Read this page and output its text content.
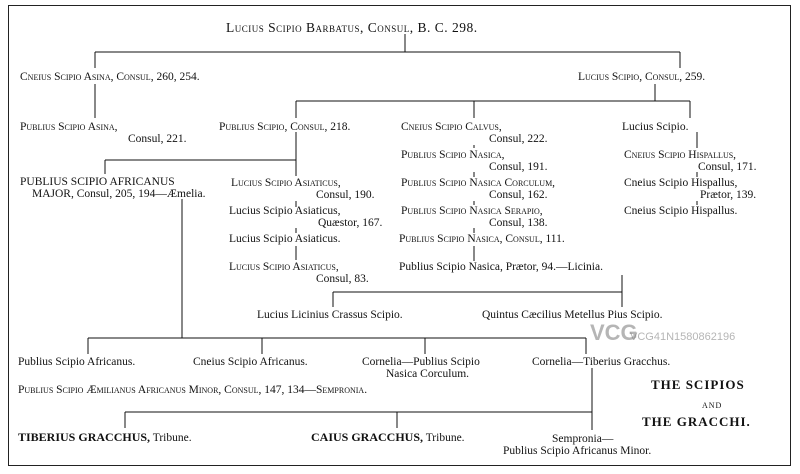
Lucius Scipio Barbatus, Consul, B. C. 298.
Cneius Scipio Asina, Consul, 260, 254.	Lucius Scipio, Consul, 259.
Publius Scipio Asina,
Consul, 221.
Publius Scipio, Consul, 218.	Cneius Scipio Calvus,
Consul, 222.
Lucius Scipio.
Publius Scipio Nasica,
Consul, 191.
Publius Scipio Nasica Corculum,
Consul, 162.
Publius Scipio Nasica Serapio,
Consul, 138.
Publius Scipio Nasica, Consul, 111.
Publius Scipio Nasica, Prætor, 94.—Licinia.
Cneius Scipio Hispallus,
Consul, 171.
Cneius Scipio Hispallus,
Prætor, 139.
Cneius Scipio Hispallus.
PUBLIUS SCIPIO AFRICANUS
MAJOR, Consul, 205, 194—Æmelia.
Lucius Scipio Asiaticus,
Consul, 190.
Lucius Scipio Asiaticus,
Quæstor, 167.
Lucius Scipio Asiaticus.
Lucius Scipio Asiaticus,
Consul, 83.
Lucius Licinius Crassus Scipio.	Quintus Cæcilius Metellus Pius Scipio.
Publius Scipio Africanus.	Cneius Scipio Africanus.	Cornelia—Publius Scipio
Nasica Corculum.
Cornelia—Tiberius Gracchus.
Publius Scipio Æmilianus Africanus Minor, Consul, 147, 134—Sempronia.
TIBERIUS GRACCHUS, Tribune.	CAIUS GRACCHUS, Tribune.	Sempronia—
Publius Scipio Africanus Minor.
THE SCIPIOS
AND
THE GRACCHI.
VCG
VCG41N1580862196
